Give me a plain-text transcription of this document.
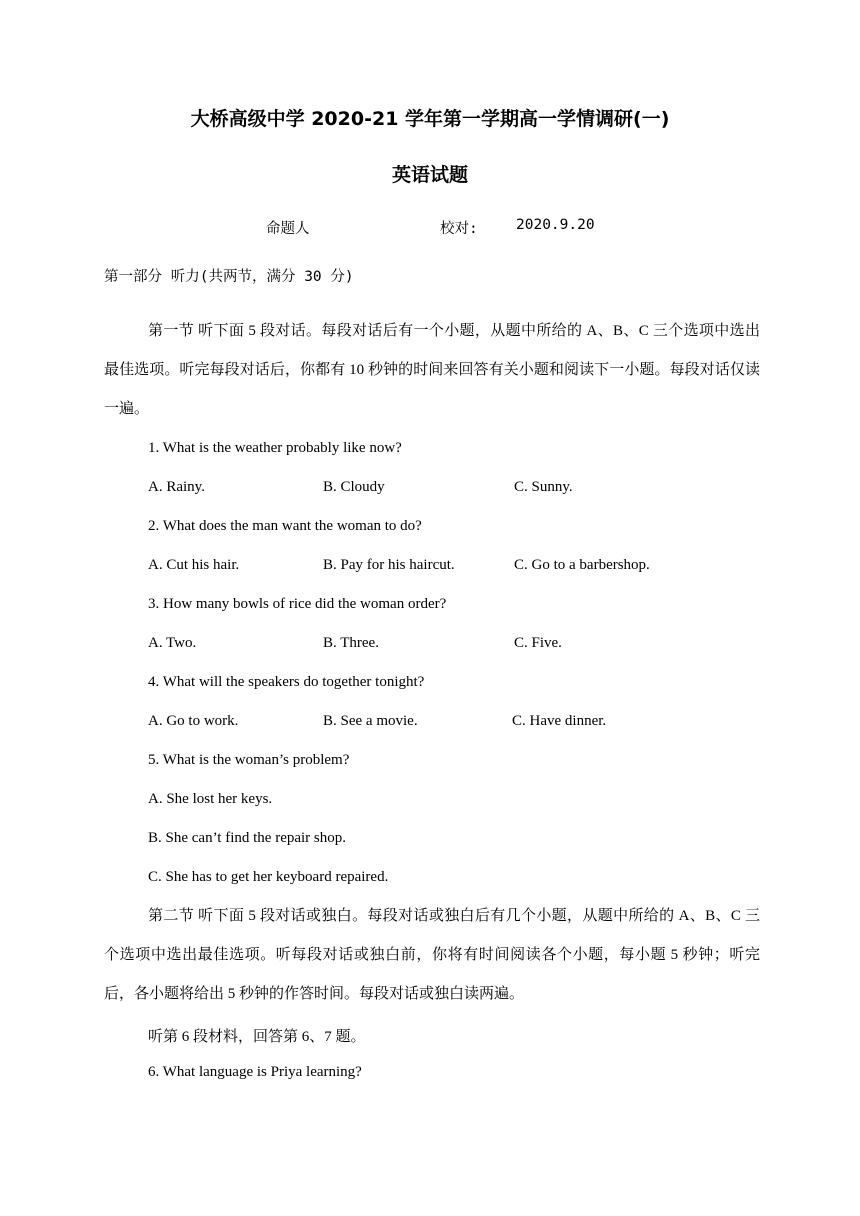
大桥高级中学 2020-21 学年第一学期高一学情调研(一)
英语试题
命题人	校对:	2020.9.20
第一部分 听力(共两节，满分 30 分)
第一节 听下面 5 段对话。每段对话后有一个小题，从题中所给的 A、B、C 三个选项中选出最佳选项。听完每段对话后，你都有 10 秒钟的时间来回答有关小题和阅读下一小题。每段对话仅读一遍。
1. What is the weather probably like now?
A. Rainy.	B. Cloudy	C. Sunny.
2. What does the man want the woman to do?
A. Cut his hair.	B. Pay for his haircut.	C. Go to a barbershop.
3. How many bowls of rice did the woman order?
A. Two.	B. Three.	C. Five.
4. What will the speakers do together tonight?
A. Go to work.	B. See a movie.	C. Have dinner.
5. What is the woman’s problem?
A. She lost her keys.
B. She can’t find the repair shop.
C. She has to get her keyboard repaired.
第二节 听下面 5 段对话或独白。每段对话或独白后有几个小题，从题中所给的 A、B、C 三个选项中选出最佳选项。听每段对话或独白前，你将有时间阅读各个小题，每小题 5 秒钟；听完后，各小题将给出 5 秒钟的作答时间。每段对话或独白读两遍。
听第 6 段材料，回答第 6、7 题。
6. What language is Priya learning?
